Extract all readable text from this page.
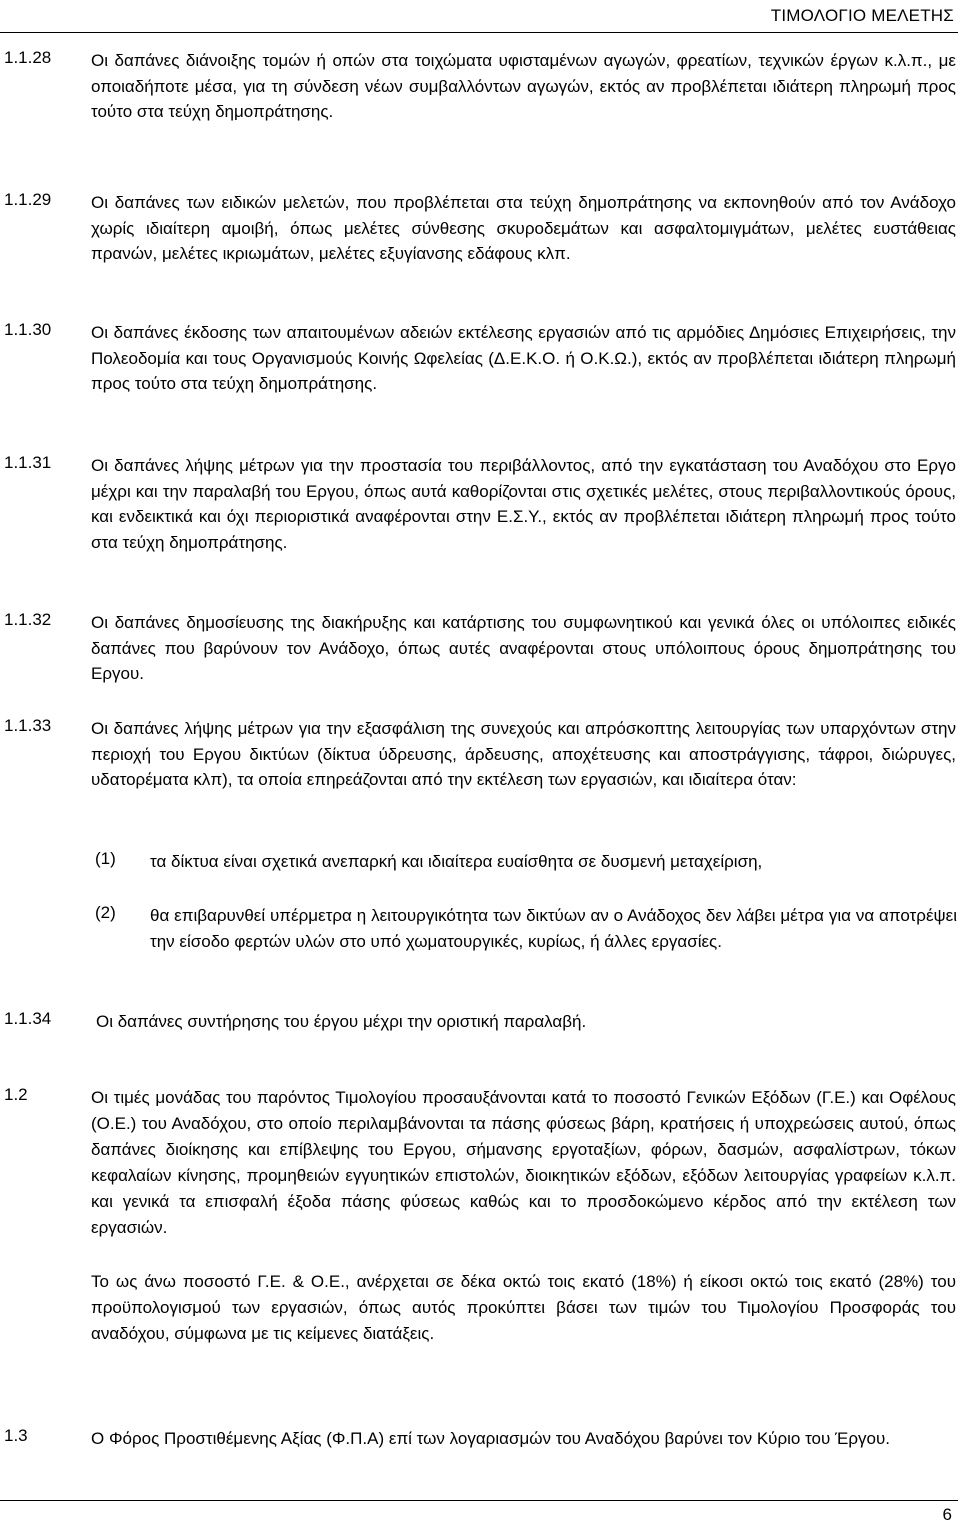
ΤΙΜΟΛΟΓΙΟ ΜΕΛΕΤΗΣ
1.1.28 Οι δαπάνες διάνοιξης τομών ή οπών στα τοιχώματα υφισταμένων αγωγών, φρεατίων, τεχνικών έργων κ.λ.π., με οποιαδήποτε μέσα, για τη σύνδεση νέων συμβαλλόντων αγωγών, εκτός αν προβλέπεται ιδιάτερη πληρωμή προς τούτο στα τεύχη δημοπράτησης.
1.1.29 Οι δαπάνες των ειδικών μελετών, που προβλέπεται στα τεύχη δημοπράτησης να εκπονηθούν από τον Ανάδοχο χωρίς ιδιαίτερη αμοιβή, όπως μελέτες σύνθεσης σκυροδεμάτων και ασφαλτομιγμάτων, μελέτες ευστάθειας πρανών, μελέτες ικριωμάτων, μελέτες εξυγίανσης εδάφους κλπ.
1.1.30 Οι δαπάνες έκδοσης των απαιτουμένων αδειών εκτέλεσης εργασιών από τις αρμόδιες Δημόσιες Επιχειρήσεις, την Πολεοδομία και τους Οργανισμούς Κοινής Ωφελείας (Δ.Ε.Κ.Ο. ή Ο.Κ.Ω.), εκτός αν προβλέπεται ιδιάτερη πληρωμή προς τούτο στα τεύχη δημοπράτησης.
1.1.31 Οι δαπάνες λήψης μέτρων για την προστασία του περιβάλλοντος, από την εγκατάσταση του Αναδόχου στο Εργο μέχρι και την παραλαβή του Εργου, όπως αυτά καθορίζονται στις σχετικές μελέτες, στους περιβαλλοντικούς όρους, και ενδεικτικά και όχι περιοριστικά αναφέρονται στην Ε.Σ.Υ., εκτός αν προβλέπεται ιδιάτερη πληρωμή προς τούτο στα τεύχη δημοπράτησης.
1.1.32 Οι δαπάνες δημοσίευσης της διακήρυξης και κατάρτισης του συμφωνητικού και γενικά όλες οι υπόλοιπες ειδικές δαπάνες που βαρύνουν τον Ανάδοχο, όπως αυτές αναφέρονται στους υπόλοιπους όρους δημοπράτησης του Εργου.
1.1.33 Οι δαπάνες λήψης μέτρων για την εξασφάλιση της συνεχούς και απρόσκοπτης λειτουργίας των υπαρχόντων στην περιοχή του Εργου δικτύων (δίκτυα ύδρευσης, άρδευσης, αποχέτευσης και αποστράγγισης, τάφροι, διώρυγες, υδατορέματα κλπ), τα οποία επηρεάζονται από την εκτέλεση των εργασιών, και ιδιαίτερα όταν:
(1) τα δίκτυα είναι σχετικά ανεπαρκή και ιδιαίτερα ευαίσθητα σε δυσμενή μεταχείριση,
(2) θα επιβαρυνθεί υπέρμετρα η λειτουργικότητα των δικτύων αν ο Ανάδοχος δεν λάβει μέτρα για να αποτρέψει την είσοδο φερτών υλών στο υπό χωματουργικές, κυρίως, ή άλλες εργασίες.
1.1.34	Οι δαπάνες συντήρησης του έργου μέχρι την οριστική παραλαβή.
1.2	Οι τιμές μονάδας του παρόντος Τιμολογίου προσαυξάνονται κατά το ποσοστό Γενικών Εξόδων (Γ.Ε.) και Οφέλους (Ο.Ε.) του Αναδόχου, στο οποίο περιλαμβάνονται τα πάσης φύσεως βάρη, κρατήσεις ή υποχρεώσεις αυτού, όπως δαπάνες διοίκησης και επίβλεψης του Εργου, σήμανσης εργοταξίων, φόρων, δασμών, ασφαλίστρων, τόκων κεφαλαίων κίνησης, προμηθειών εγγυητικών επιστολών, διοικητικών εξόδων, εξόδων λειτουργίας γραφείων κ.λ.π. και γενικά τα επισφαλή έξοδα πάσης φύσεως καθώς και το προσδοκώμενο κέρδος από την εκτέλεση των εργασιών.
Το ως άνω ποσοστό Γ.Ε. & Ο.Ε., ανέρχεται σε δέκα οκτώ τοις εκατό (18%) ή είκοσι οκτώ τοις εκατό (28%) του προϋπολογισμού των εργασιών, όπως αυτός προκύπτει βάσει των τιμών του Τιμολογίου Προσφοράς του αναδόχου, σύμφωνα με τις κείμενες διατάξεις.
1.3	Ο Φόρος Προστιθέμενης Αξίας (Φ.Π.Α) επί των λογαριασμών του Αναδόχου βαρύνει τον Κύριο του Έργου.
6
